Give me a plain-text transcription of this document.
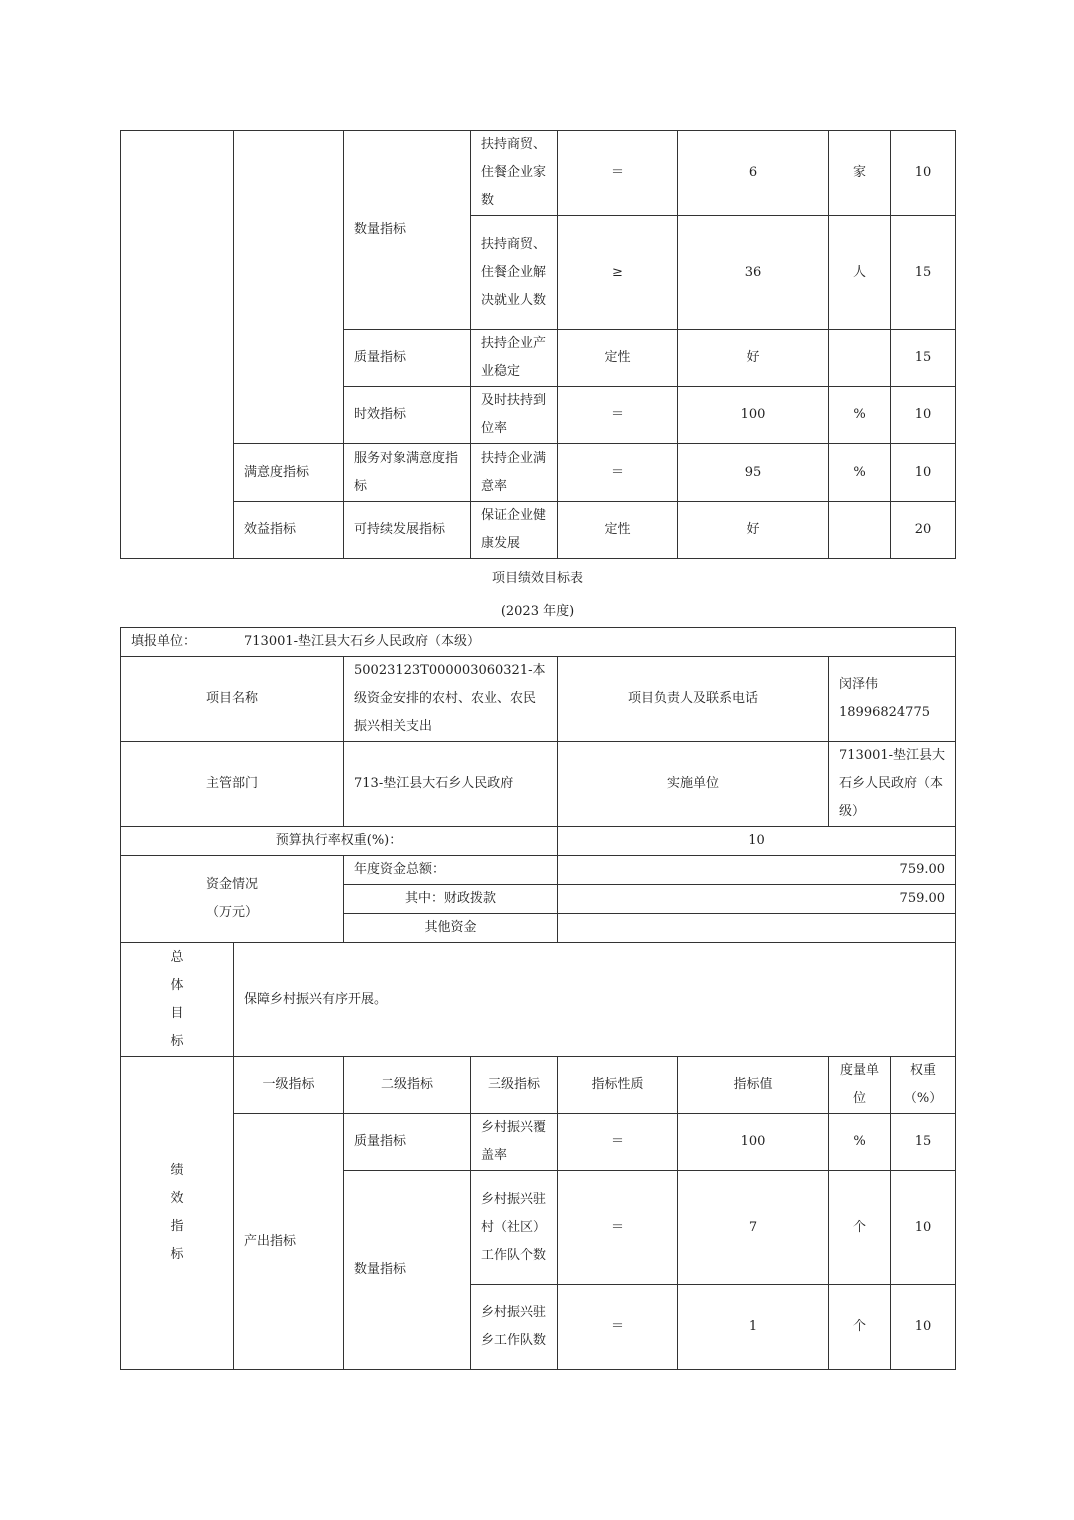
		数量指标	扶持商贸、住餐企业家数	＝	6	家	10
			扶持商贸、住餐企业解决就业人数	≥	36	人	15
		质量指标	扶持企业产业稳定	定性	好		15
		时效指标	及时扶持到位率	＝	100	%	10
	满意度指标	服务对象满意度指标	扶持企业满意率	＝	95	%	10
	效益指标	可持续发展指标	保证企业健康发展	定性	好		20
项目绩效目标表
(2023 年度)
填报单位： 713001-垫江县大石乡人民政府（本级）							
项目名称		50023123T000003060321-本级资金安排的农村、农业、农民振兴相关支出		项目负责人及联系电话		闵泽伟
18996824775	

主管部门		713-垫江县大石乡人民政府		实施单位		713001-垫江县大石乡人民政府（本级）	
预算执行率权重(%)：				10			

资金情况
（万元）		年度资金总额：		759.00			
		其中：财政拨款		759.00			
		其他资金					

总
体
目
标	保障乡村振兴有序开展。						

绩
效
指
标	一级指标	二级指标	三级指标	指标性质	指标值	度量单位	权重（%）
	产出指标	质量指标	乡村振兴覆盖率	＝	100	%	15
		数量指标	乡村振兴驻村（社区）工作队个数	＝	7	个	10
			乡村振兴驻乡工作队数	＝	1	个	10
